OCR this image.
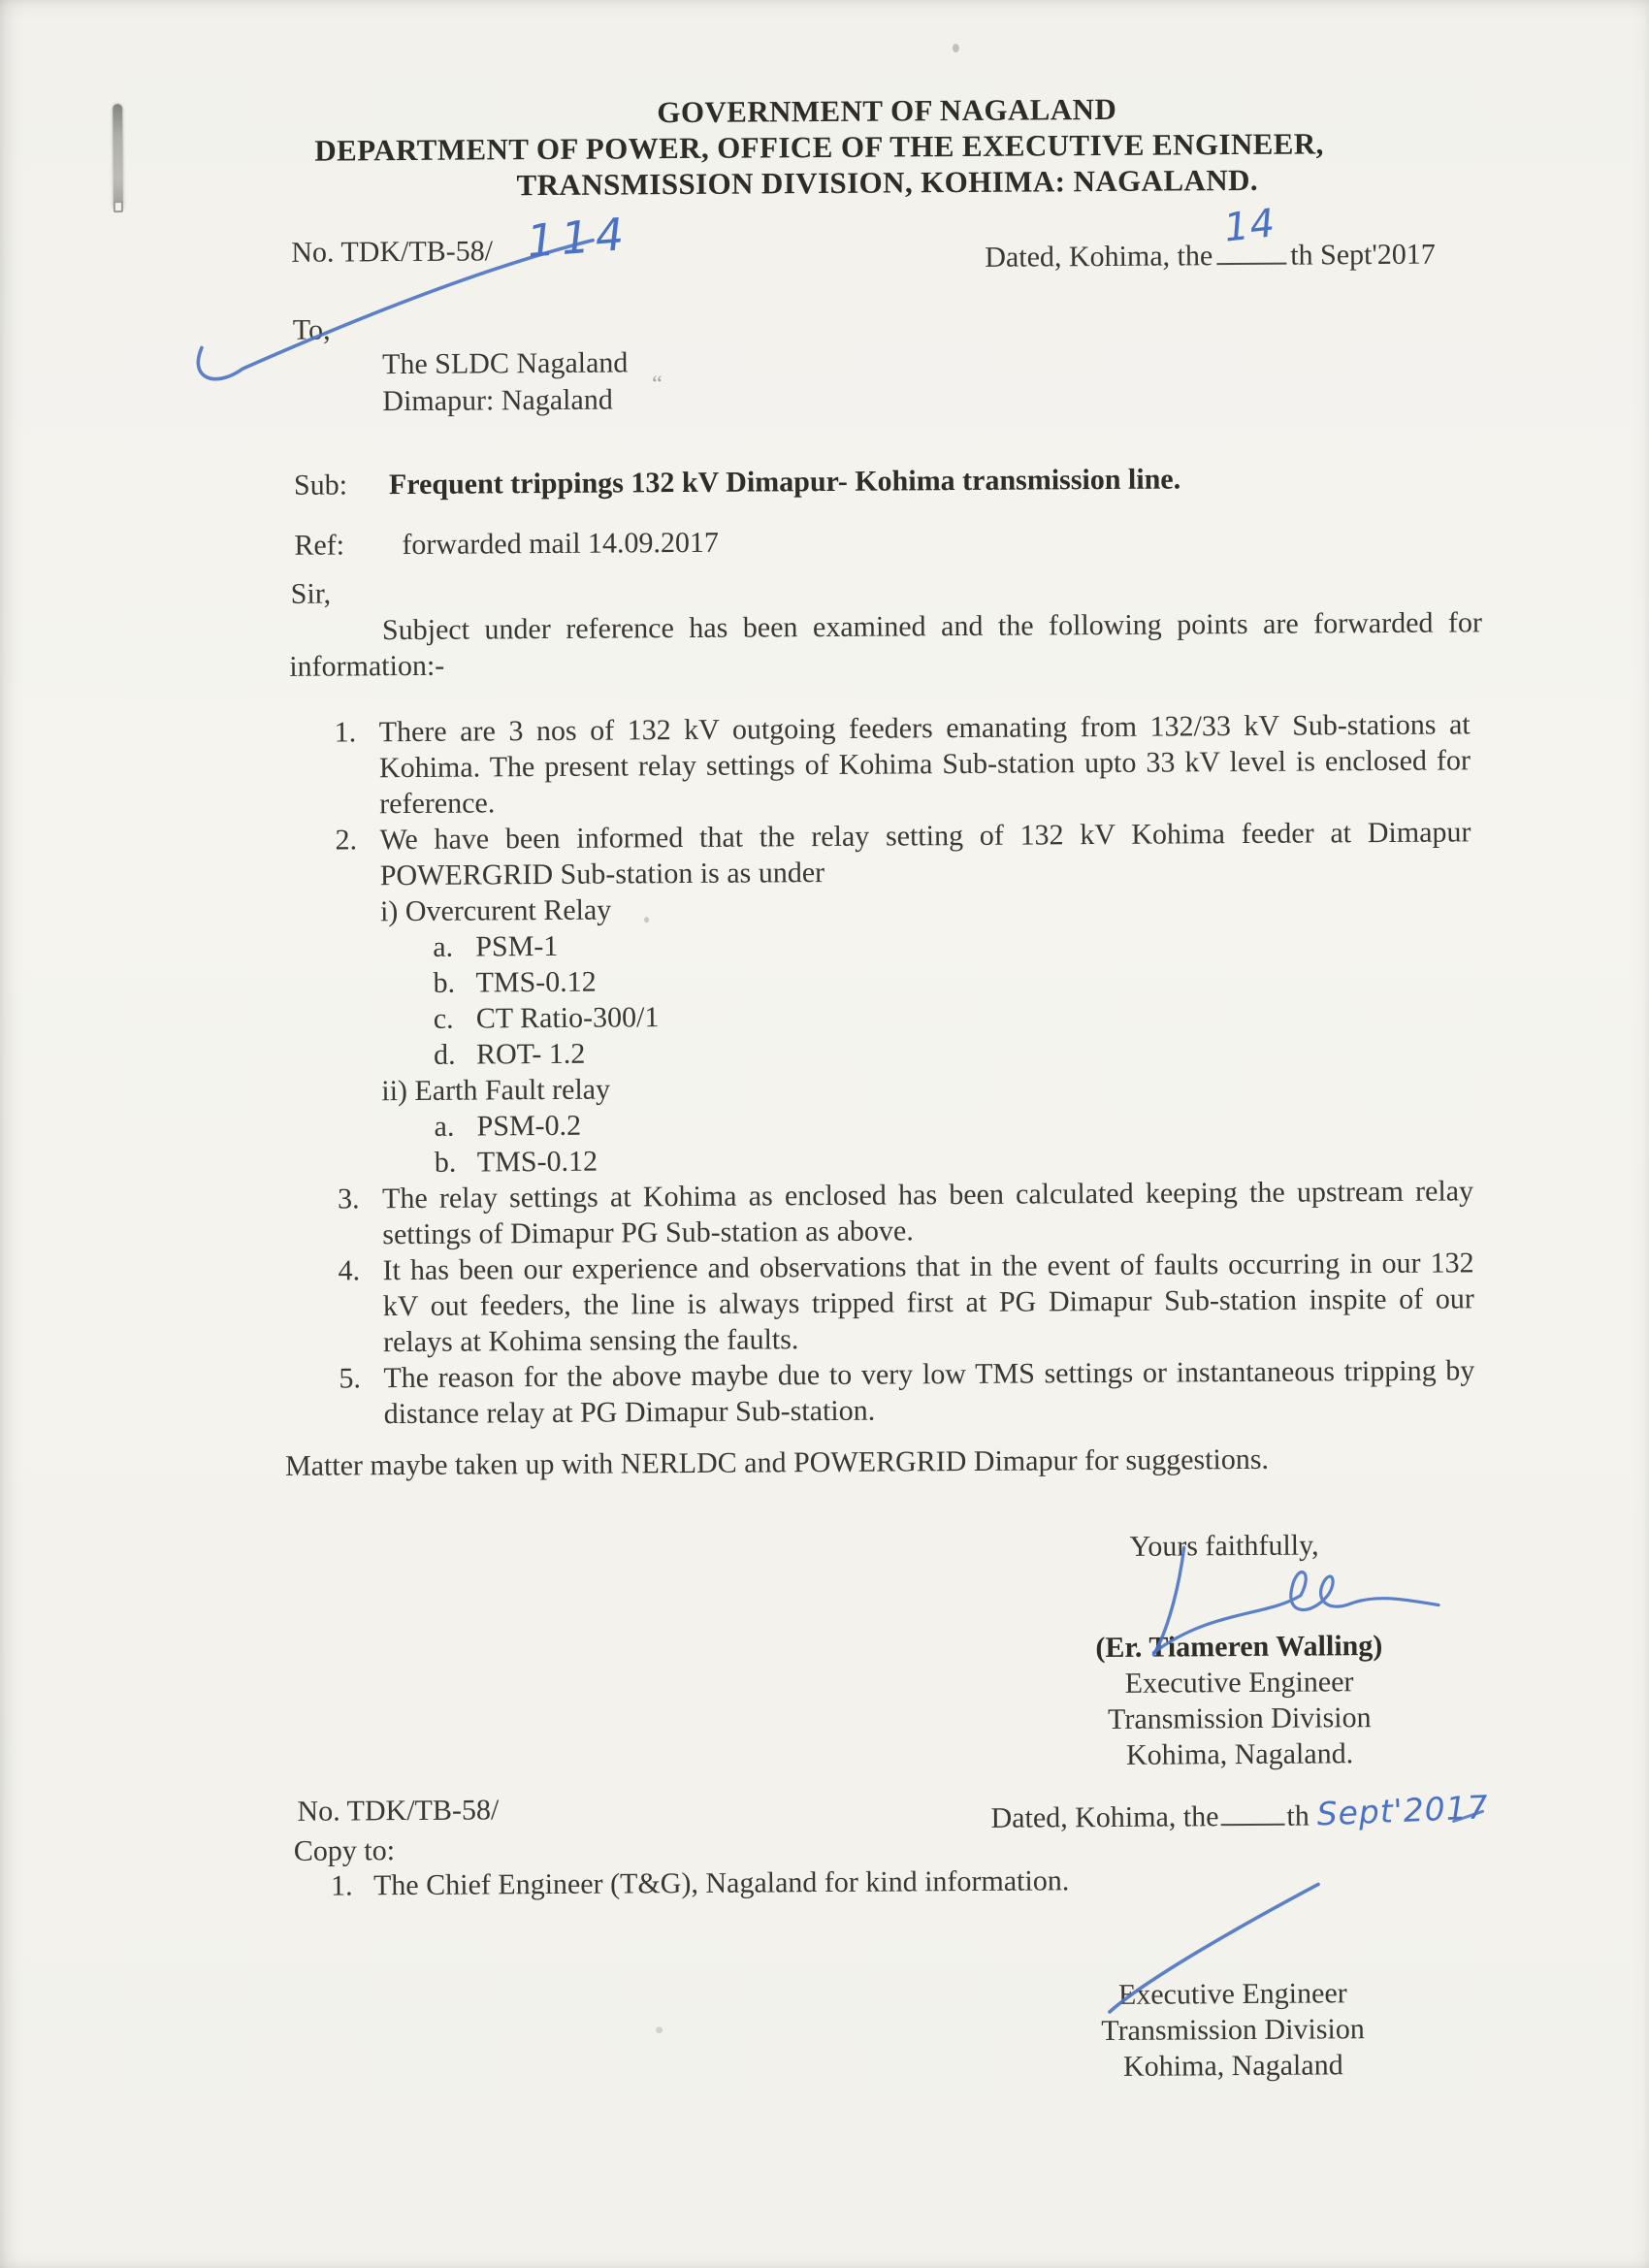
“
GOVERNMENT OF NAGALAND
DEPARTMENT OF POWER, OFFICE OF THE EXECUTIVE ENGINEER,
TRANSMISSION DIVISION, KOHIMA: NAGALAND.
No. TDK/TB-58/ 114	Dated, Kohima, the
14
th Sept'2017
To,
The SLDC Nagaland
Dimapur: Nagaland
Sub: Frequent trippings 132 kV Dimapur- Kohima transmission line.
Ref: forwarded mail 14.09.2017
Sir,
Subject under reference has been examined and the following points are forwarded for information:-
1. There are 3 nos of 132 kV outgoing feeders emanating from 132/33 kV Sub-stations at Kohima. The present relay settings of Kohima Sub-station upto 33 kV level is enclosed for reference.
2. We have been informed that the relay setting of 132 kV Kohima feeder at Dimapur POWERGRID Sub-station is as under
i) Overcurent Relay
a. PSM-1
b. TMS-0.12
c. CT Ratio-300/1
d. ROT- 1.2
ii) Earth Fault relay
a. PSM-0.2
b. TMS-0.12
3. The relay settings at Kohima as enclosed has been calculated keeping the upstream relay settings of Dimapur PG Sub-station as above.
4. It has been our experience and observations that in the event of faults occurring in our 132 kV out feeders, the line is always tripped first at PG Dimapur Sub-station inspite of our relays at Kohima sensing the faults.
5. The reason for the above maybe due to very low TMS settings or instantaneous tripping by distance relay at PG Dimapur Sub-station.
Matter maybe taken up with NERLDC and POWERGRID Dimapur for suggestions.
Yours faithfully,
(Er. Tiameren Walling)
Executive Engineer
Transmission Division
Kohima, Nagaland.
No. TDK/TB-58/	Dated, Kohima, the th Sept'2017
Copy to:
1. The Chief Engineer (T&G), Nagaland for kind information.
Executive Engineer
Transmission Division
Kohima, Nagaland
